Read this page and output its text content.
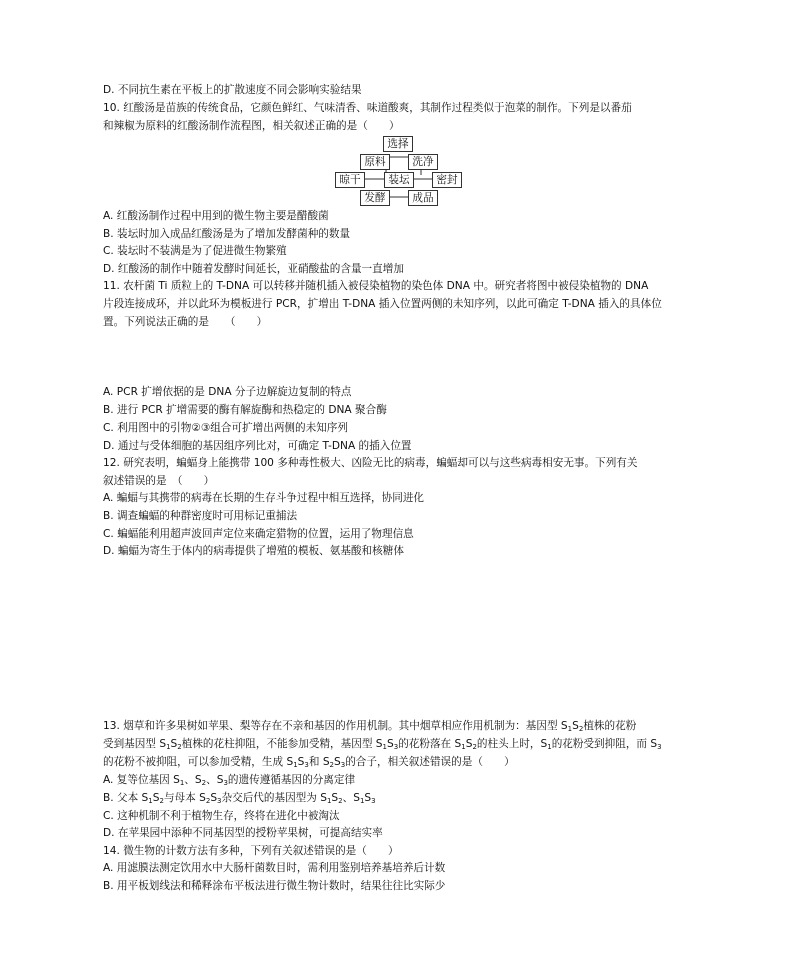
D. 不同抗生素在平板上的扩散速度不同会影响实验结果
10. 红酸汤是苗族的传统食品，它颜色鲜红、气味清香、味道酸爽，其制作过程类似于泡菜的制作。下列是以番茄
和辣椒为原料的红酸汤制作流程图，相关叙述正确的是（　　）
选择
原料	洗净
晾干	装坛	密封
发酵	成品
A. 红酸汤制作过程中用到的微生物主要是醋酸菌
B. 装坛时加入成品红酸汤是为了增加发酵菌种的数量
C. 装坛时不装满是为了促进微生物繁殖
D. 红酸汤的制作中随着发酵时间延长，亚硝酸盐的含量一直增加
11. 农杆菌 Ti 质粒上的 T-DNA 可以转移并随机插入被侵染植物的染色体 DNA 中。研究者将图中被侵染植物的 DNA
片段连接成环，并以此环为模板进行 PCR，扩增出 T-DNA 插入位置两侧的未知序列，以此可确定 T-DNA 插入的具体位
置。下列说法正确的是　　（　　）
A. PCR 扩增依据的是 DNA 分子边解旋边复制的特点
B. 进行 PCR 扩增需要的酶有解旋酶和热稳定的 DNA 聚合酶
C. 利用图中的引物②③组合可扩增出两侧的未知序列
D. 通过与受体细胞的基因组序列比对，可确定 T-DNA 的插入位置
12. 研究表明，蝙蝠身上能携带 100 多种毒性极大、凶险无比的病毒，蝙蝠却可以与这些病毒相安无事。下列有关
叙述错误的是　（　　）
A. 蝙蝠与其携带的病毒在长期的生存斗争过程中相互选择，协同进化
B. 调查蝙蝠的种群密度时可用标记重捕法
C. 蝙蝠能利用超声波回声定位来确定猎物的位置，运用了物理信息
D. 蝙蝠为寄生于体内的病毒提供了增殖的模板、氨基酸和核糖体
13. 烟草和许多果树如苹果、梨等存在不亲和基因的作用机制。其中烟草相应作用机制为：基因型 $S_1S_2$植株的花粉
受到基因型 $S_1S_2$植株的花柱抑阻，不能参加受精，基因型 $S_1S_3$的花粉落在 $S_1S_2$的柱头上时，$S_1$的花粉受到抑阻，而 $S_3$
的花粉不被抑阻，可以参加受精，生成 $S_1S_3$和 $S_2S_3$的合子，相关叙述错误的是（　　）
A. 复等位基因 $S_1$、$S_2$、$S_3$的遗传遵循基因的分离定律
B. 父本 $S_1S_2$与母本 $S_2S_3$杂交后代的基因型为 $S_1S_2$、$S_1S_3$
C. 这种机制不利于植物生存，终将在进化中被淘汰
D. 在苹果园中添种不同基因型的授粉苹果树，可提高结实率
14. 微生物的计数方法有多种，下列有关叙述错误的是（　　）
A. 用滤膜法测定饮用水中大肠杆菌数目时，需利用鉴别培养基培养后计数
B. 用平板划线法和稀释涂布平板法进行微生物计数时，结果往往比实际少
